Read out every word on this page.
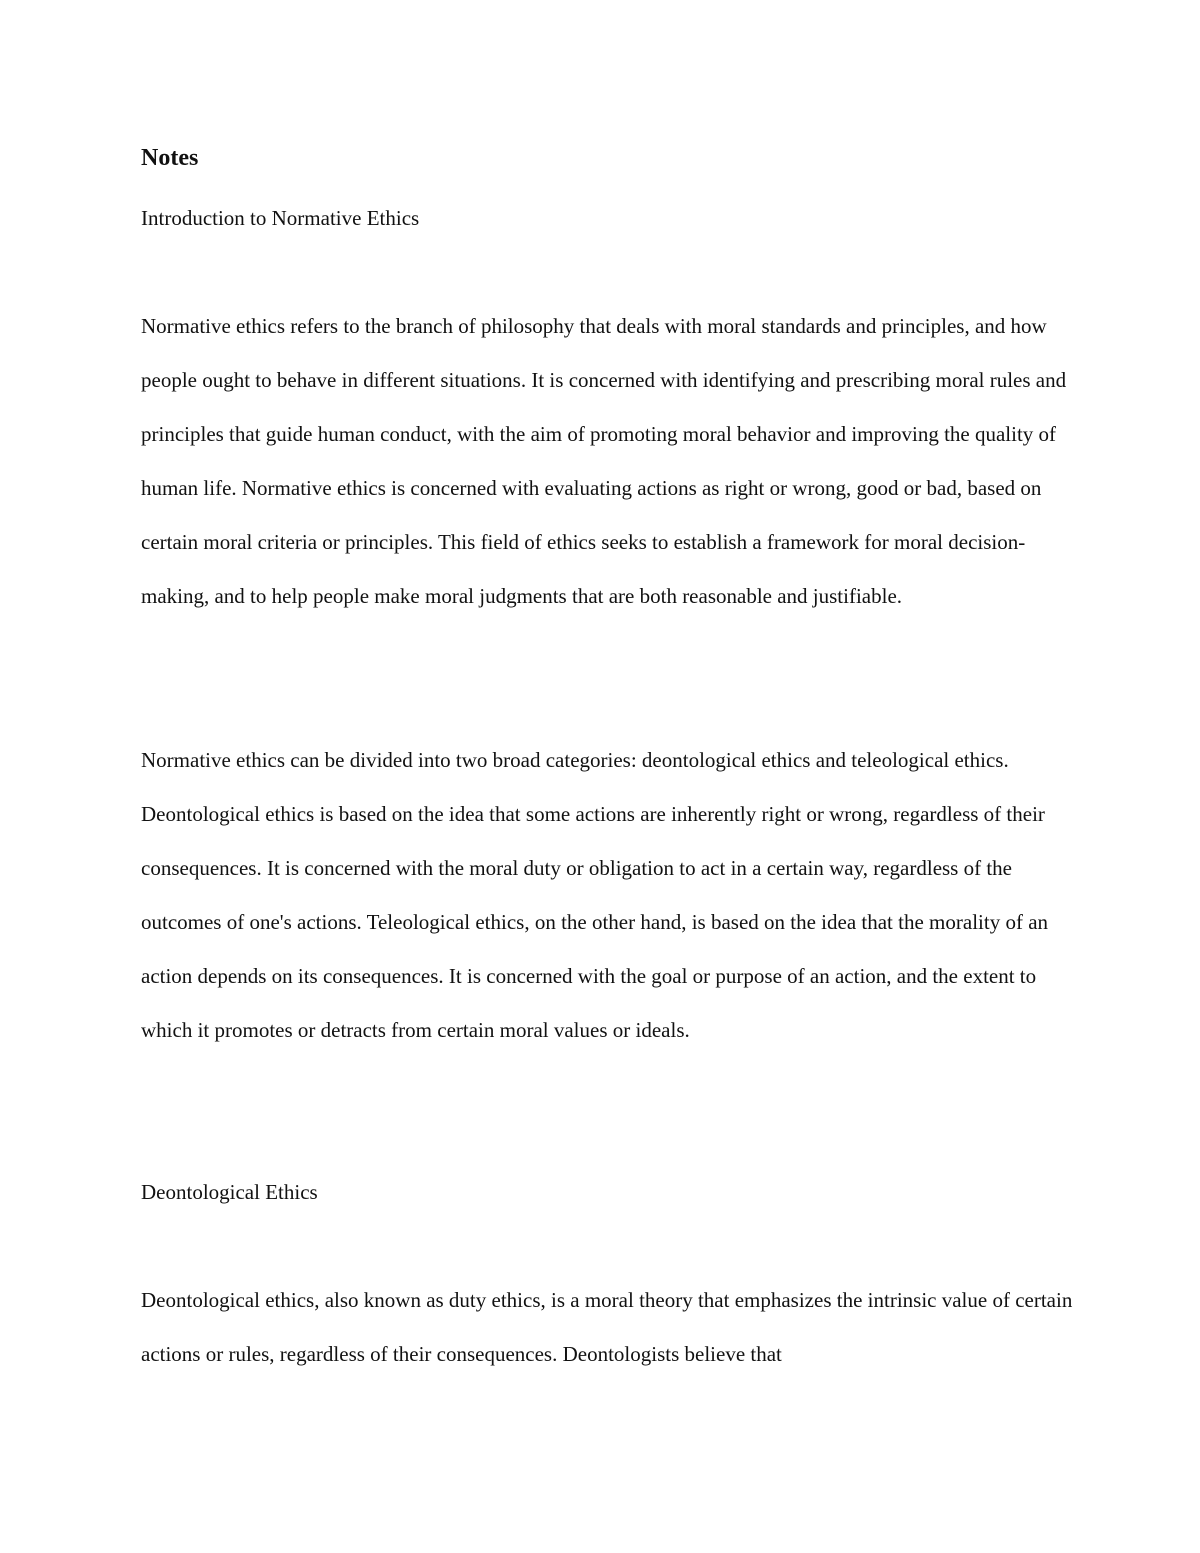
Notes
Introduction to Normative Ethics
Normative ethics refers to the branch of philosophy that deals with moral standards and principles, and how people ought to behave in different situations. It is concerned with identifying and prescribing moral rules and principles that guide human conduct, with the aim of promoting moral behavior and improving the quality of human life. Normative ethics is concerned with evaluating actions as right or wrong, good or bad, based on certain moral criteria or principles. This field of ethics seeks to establish a framework for moral decision-making, and to help people make moral judgments that are both reasonable and justifiable.
Normative ethics can be divided into two broad categories: deontological ethics and teleological ethics. Deontological ethics is based on the idea that some actions are inherently right or wrong, regardless of their consequences. It is concerned with the moral duty or obligation to act in a certain way, regardless of the outcomes of one's actions. Teleological ethics, on the other hand, is based on the idea that the morality of an action depends on its consequences. It is concerned with the goal or purpose of an action, and the extent to which it promotes or detracts from certain moral values or ideals.
Deontological Ethics
Deontological ethics, also known as duty ethics, is a moral theory that emphasizes the intrinsic value of certain actions or rules, regardless of their consequences. Deontologists believe that
